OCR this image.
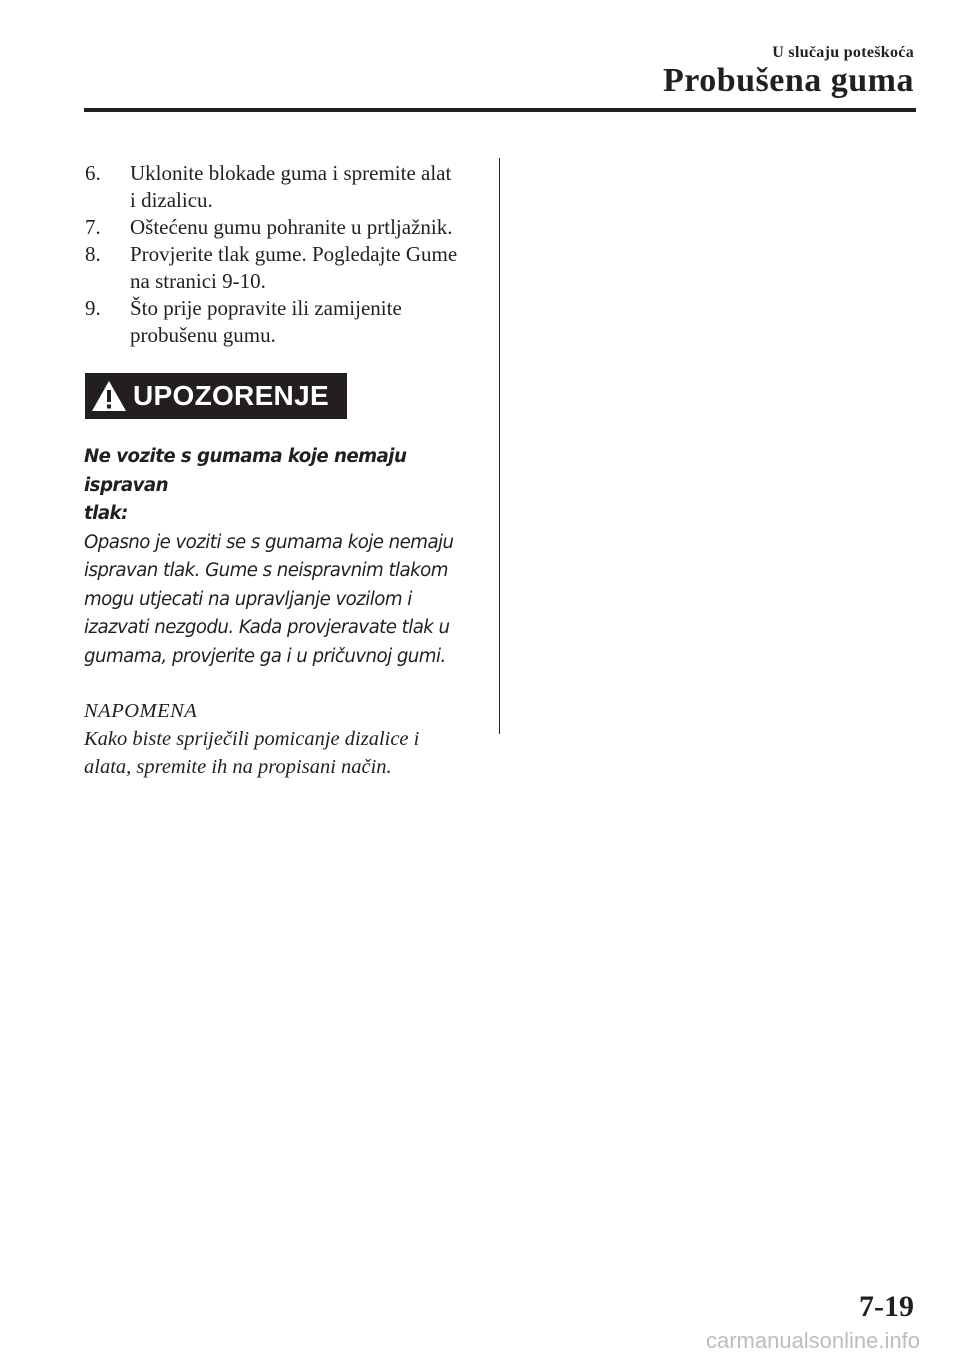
U slučaju poteškoća
Probušena guma
6. Uklonite blokade guma i spremite alat
i dizalicu.
7. Oštećenu gumu pohranite u prtljažnik.
8. Provjerite tlak gume. Pogledajte Gume
na stranici 9-10.
9. Što prije popravite ili zamijenite
probušenu gumu.
UPOZORENJE
Ne vozite s gumama koje nemaju ispravan
tlak:
Opasno je voziti se s gumama koje nemaju
ispravan tlak. Gume s neispravnim tlakom
mogu utjecati na upravljanje vozilom i
izazvati nezgodu. Kada provjeravate tlak u
gumama, provjerite ga i u pričuvnoj gumi.
NAPOMENA
Kako biste spriječili pomicanje dizalice i
alata, spremite ih na propisani način.
7-19
carmanualsonline.info
